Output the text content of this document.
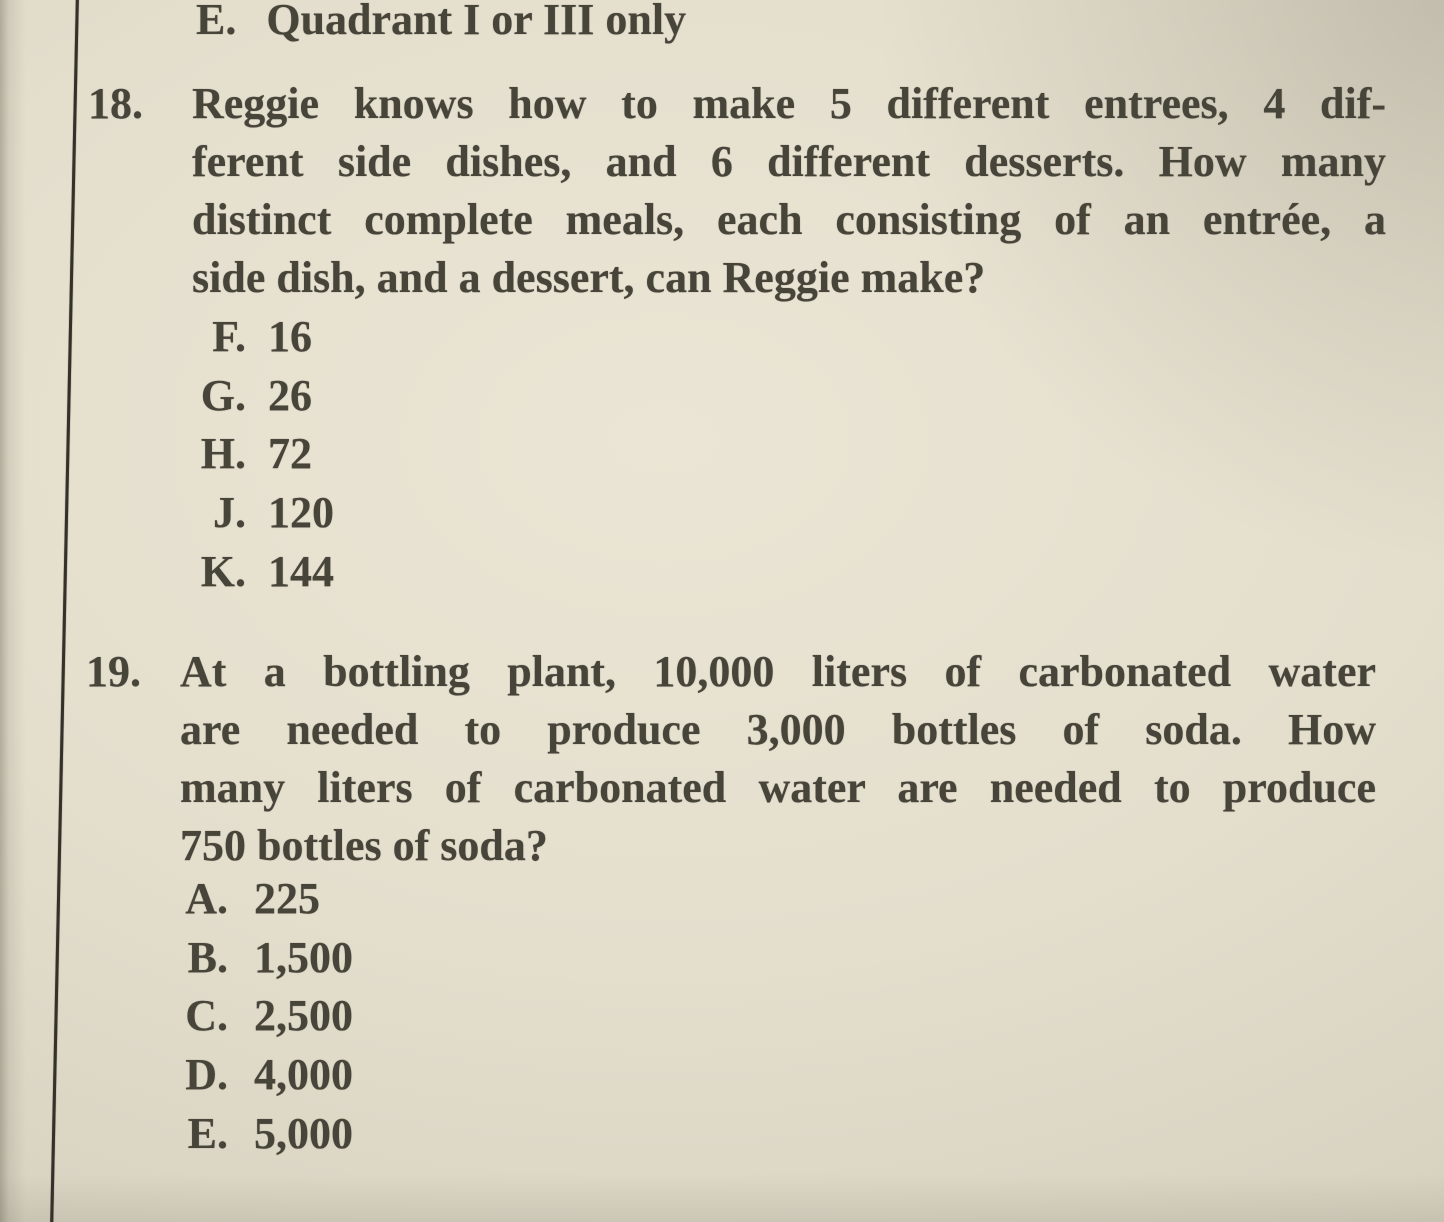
E. Quadrant I or III only
18. Reggie knows how to make 5 different entrees, 4 dif-
ferent side dishes, and 6 different desserts. How many
distinct complete meals, each consisting of an entrée, a
side dish, and a dessert, can Reggie make?
F. 16
G. 26
H. 72
J. 120
K. 144
19. At a bottling plant, 10,000 liters of carbonated water
are needed to produce 3,000 bottles of soda. How
many liters of carbonated water are needed to produce
750 bottles of soda?
A. 225
B. 1,500
C. 2,500
D. 4,000
E. 5,000
